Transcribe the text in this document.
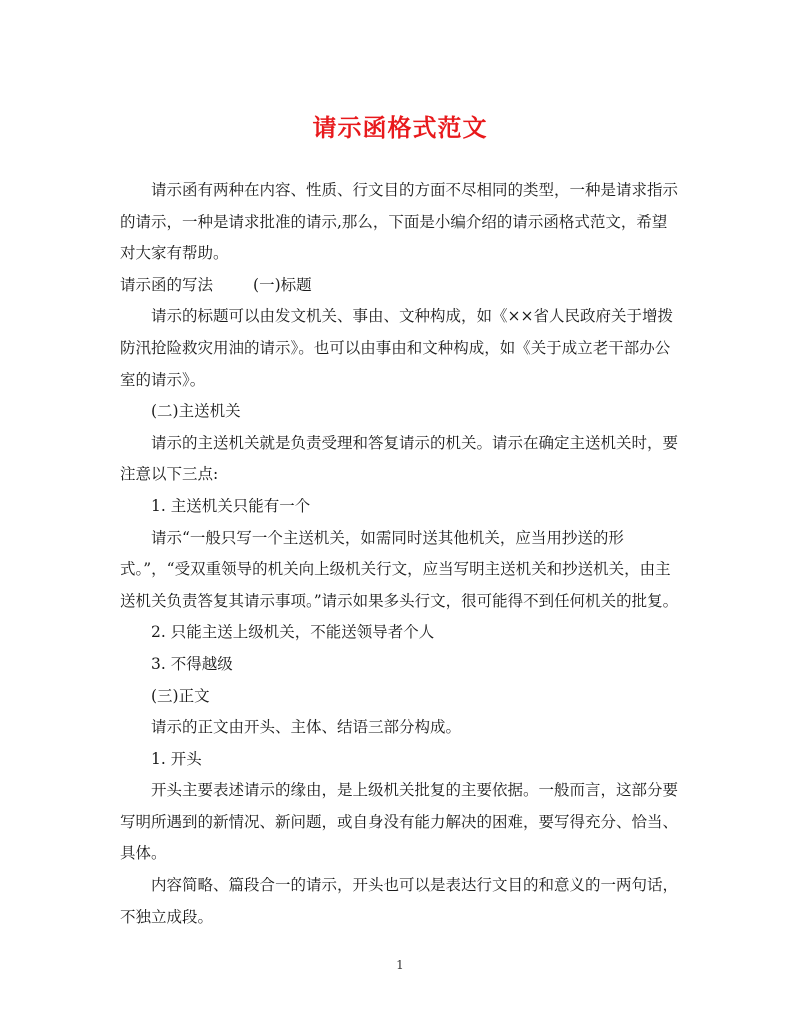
请示函格式范文

请示函有两种在内容、性质、行文目的方面不尽相同的类型，一种是请求指示的请示，一种是请求批准的请示,那么，下面是小编介绍的请示函格式范文，希望对大家有帮助。

请示函的写法	(一)标题

请示的标题可以由发文机关、事由、文种构成，如《××省人民政府关于增拨防汛抢险救灾用油的请示》。也可以由事由和文种构成，如《关于成立老干部办公室的请示》。

(二)主送机关

请示的主送机关就是负责受理和答复请示的机关。请示在确定主送机关时，要注意以下三点:

1. 主送机关只能有一个

请示“一般只写一个主送机关，如需同时送其他机关，应当用抄送的形式。”，“受双重领导的机关向上级机关行文，应当写明主送机关和抄送机关，由主送机关负责答复其请示事项。”请示如果多头行文，很可能得不到任何机关的批复。

2. 只能主送上级机关，不能送领导者个人

3. 不得越级

(三)正文

请示的正文由开头、主体、结语三部分构成。

1. 开头

开头主要表述请示的缘由，是上级机关批复的主要依据。一般而言，这部分要写明所遇到的新情况、新问题，或自身没有能力解决的困难，要写得充分、恰当、具体。

内容简略、篇段合一的请示，开头也可以是表达行文目的和意义的一两句话，不独立成段。

1
